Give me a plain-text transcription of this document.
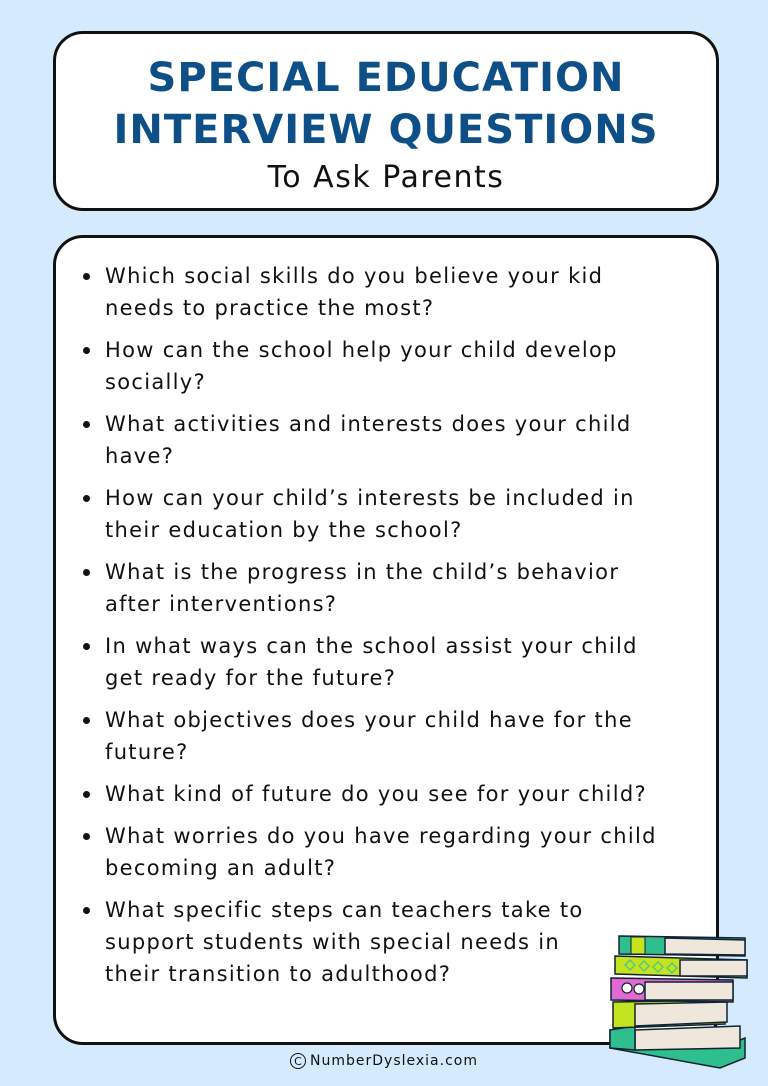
SPECIAL EDUCATION
INTERVIEW QUESTIONS
To Ask Parents
Which social skills do you believe your kid needs to practice the most?
How can the school help your child develop socially?
What activities and interests does your child have?
How can your child’s interests be included in their education by the school?
What is the progress in the child’s behavior after interventions?
In what ways can the school assist your child get ready for the future?
What objectives does your child have for the future?
What kind of future do you see for your child?
What worries do you have regarding your child becoming an adult?
What specific steps can teachers take to support students with special needs in their transition to adulthood?
C NumberDyslexia.com
